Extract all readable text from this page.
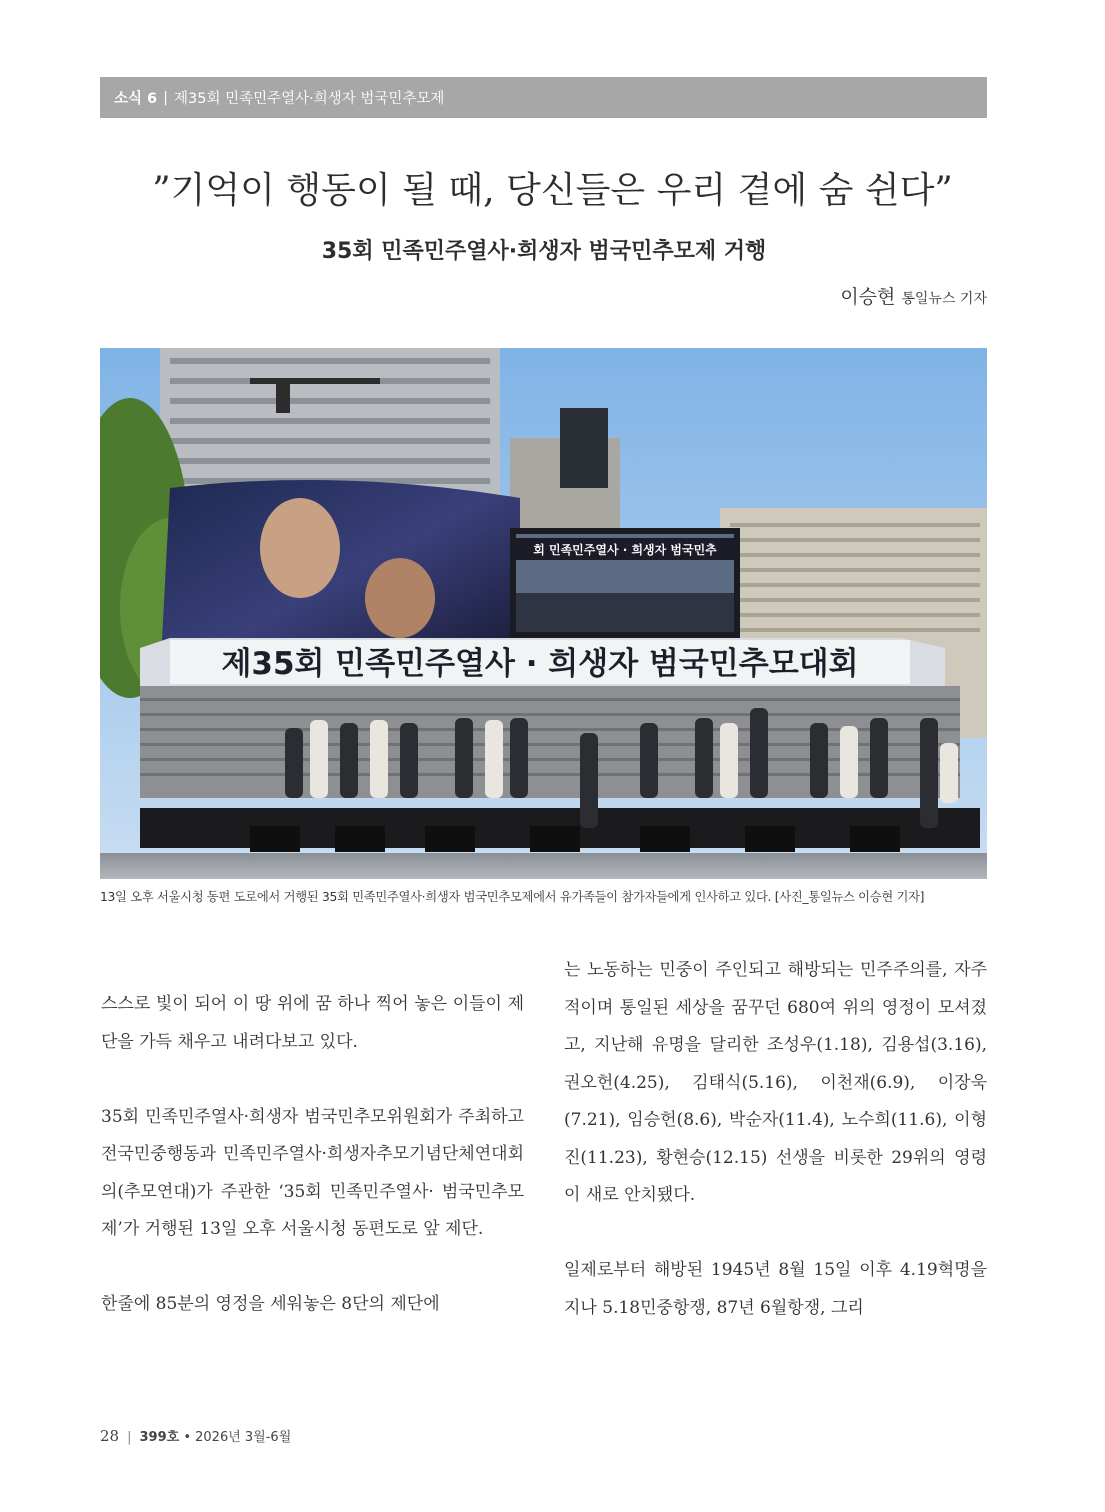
소식 6 | 제35회 민족민주열사·희생자 범국민추모제
”기억이 행동이 될 때, 당신들은 우리 곁에 숨 쉰다”
35회 민족민주열사·희생자 범국민추모제 거행
이승현 통일뉴스 기자
회 민족민주열사 · 희생자 범국민추
제35회 민족민주열사 · 희생자 범국민추모대회

13일 오후 서울시청 동편 도로에서 거행된 35회 민족민주열사·희생자 범국민추모제에서 유가족들이 참가자들에게 인사하고 있다. [사진_통일뉴스 이승현 기자]

스스로 빛이 되어 이 땅 위에 꿈 하나 찍어 놓은 이들이 제단을 가득 채우고 내려다보고 있다.

35회 민족민주열사·희생자 범국민추모위원회가 주최하고 전국민중행동과 민족민주열사·희생자추모기념단체연대회의(추모연대)가 주관한 ‘35회 민족민주열사· 범국민추모제’가 거행된 13일 오후 서울시청 동편도로 앞 제단.

한줄에 85분의 영정을 세워놓은 8단의 제단에

는 노동하는 민중이 주인되고 해방되는 민주주의를, 자주적이며 통일된 세상을 꿈꾸던 680여 위의 영정이 모셔졌고, 지난해 유명을 달리한 조성우(1.18), 김용섭(3.16), 권오헌(4.25), 김태식(5.16), 이천재(6.9), 이장욱(7.21), 임승헌(8.6), 박순자(11.4), 노수희(11.6), 이형진(11.23), 황현승(12.15) 선생을 비롯한 29위의 영령이 새로 안치됐다.

일제로부터 해방된 1945년 8월 15일 이후 4.19혁명을 지나 5.18민중항쟁, 87년 6월항쟁, 그리

28 | 399호 • 2026년 3월-6월
